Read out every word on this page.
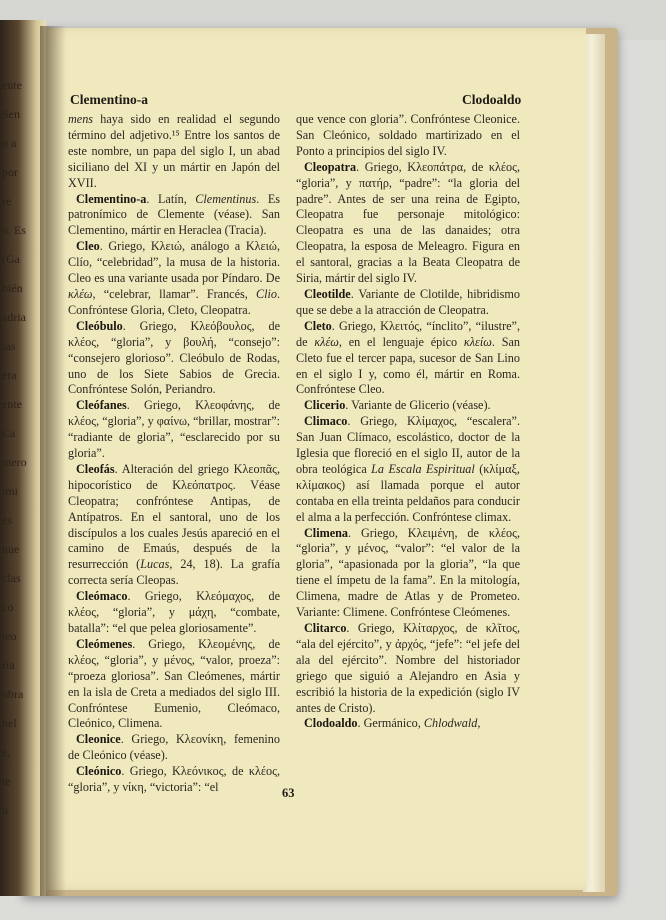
ente
Sen
n a
por
re
o. Es
(Ga
bién
adria
ias
era
ente
Ca
mero
imi
es
nue
clas
co
teo
ria
obra
hel
e,
te
u
Clementino-a	Clodoaldo

mens haya sido en realidad el segundo término del adjetivo.¹⁵ Entre los santos de este nombre, un papa del siglo I, un abad siciliano del XI y un mártir en Japón del XVII.

Clementino-a. Latín, Clementinus. Es patronímico de Clemente (véase). San Clementino, mártir en Heraclea (Tracia).

Cleo. Griego, Κλειώ, análogo a Κλειώ, Clío, “celebridad”, la musa de la historia. Cleo es una variante usada por Píndaro. De κλέω, “celebrar, llamar”. Francés, Clio. Confróntese Gloria, Cleto, Cleopatra.

Cleóbulo. Griego, Κλεόβουλος, de κλέος, “gloria”, y βουλή, “consejo”: “consejero glorioso”. Cleóbulo de Rodas, uno de los Siete Sabios de Grecia. Confróntese Solón, Periandro.

Cleófanes. Griego, Κλεοφάνης, de κλέος, “gloria”, y φαίνω, “brillar, mostrar”: “radiante de gloria”, “esclarecido por su gloria”.

Cleofás. Alteración del griego Κλεοπᾶς, hipocorístico de Κλεόπατρος. Véase Cleopatra; confróntese Antipas, de Antípatros. En el santoral, uno de los discípulos a los cuales Jesús apareció en el camino de Emaús, después de la resurrección (Lucas, 24, 18). La grafía correcta sería Cleopas.

Cleómaco. Griego, Κλεόμαχος, de κλέος, “gloria”, y μάχη, “combate, batalla”: “el que pelea gloriosamente”.

Cleómenes. Griego, Κλεομένης, de κλέος, “gloria”, y μένος, “valor, proeza”: “proeza gloriosa”. San Cleómenes, mártir en la isla de Creta a mediados del siglo III. Confróntese Eumenio, Cleómaco, Cleónico, Climena.

Cleonice. Griego, Κλεονίκη, femenino de Cleónico (véase).

Cleónico. Griego, Κλεόνικος, de κλέος, “gloria”, y νίκη, “victoria”: “el

que vence con gloria”. Confróntese Cleonice. San Cleónico, soldado martirizado en el Ponto a principios del siglo IV.

Cleopatra. Griego, Κλεοπάτρα, de κλέος, “gloria”, y πατήρ, “padre”: “la gloria del padre”. Antes de ser una reina de Egipto, Cleopatra fue personaje mitológico: Cleopatra es una de las danaides; otra Cleopatra, la esposa de Meleagro. Figura en el santoral, gracias a la Beata Cleopatra de Siria, mártir del siglo IV.

Cleotilde. Variante de Clotilde, hibridismo que se debe a la atracción de Cleopatra.

Cleto. Griego, Κλειτός, “ínclito”, “ilustre”, de κλέω, en el lenguaje épico κλείω. San Cleto fue el tercer papa, sucesor de San Lino en el siglo I y, como él, mártir en Roma. Confróntese Cleo.

Clicerio. Variante de Glicerio (véase).

Climaco. Griego, Κλίμαχος, “escalera”. San Juan Clímaco, escolástico, doctor de la Iglesia que floreció en el siglo II, autor de la obra teológica La Escala Espiritual (κλίμαξ, κλίμακος) así llamada porque el autor contaba en ella treinta peldaños para conducir el alma a la perfección. Confróntese climax.

Climena. Griego, Κλειμένη, de κλέος, “gloria”, y μένος, “valor”: “el valor de la gloria”, “apasionada por la gloria”, “la que tiene el ímpetu de la fama”. En la mitología, Climena, madre de Atlas y de Prometeo. Variante: Climene. Confróntese Cleómenes.

Clitarco. Griego, Κλίταρχος, de κλῖτος, “ala del ejército”, y ἀρχός, “jefe”: “el jefe del ala del ejército”. Nombre del historiador griego que siguió a Alejandro en Asia y escribió la historia de la expedición (siglo IV antes de Cristo).

Clodoaldo. Germánico, Chlodwald,

63
